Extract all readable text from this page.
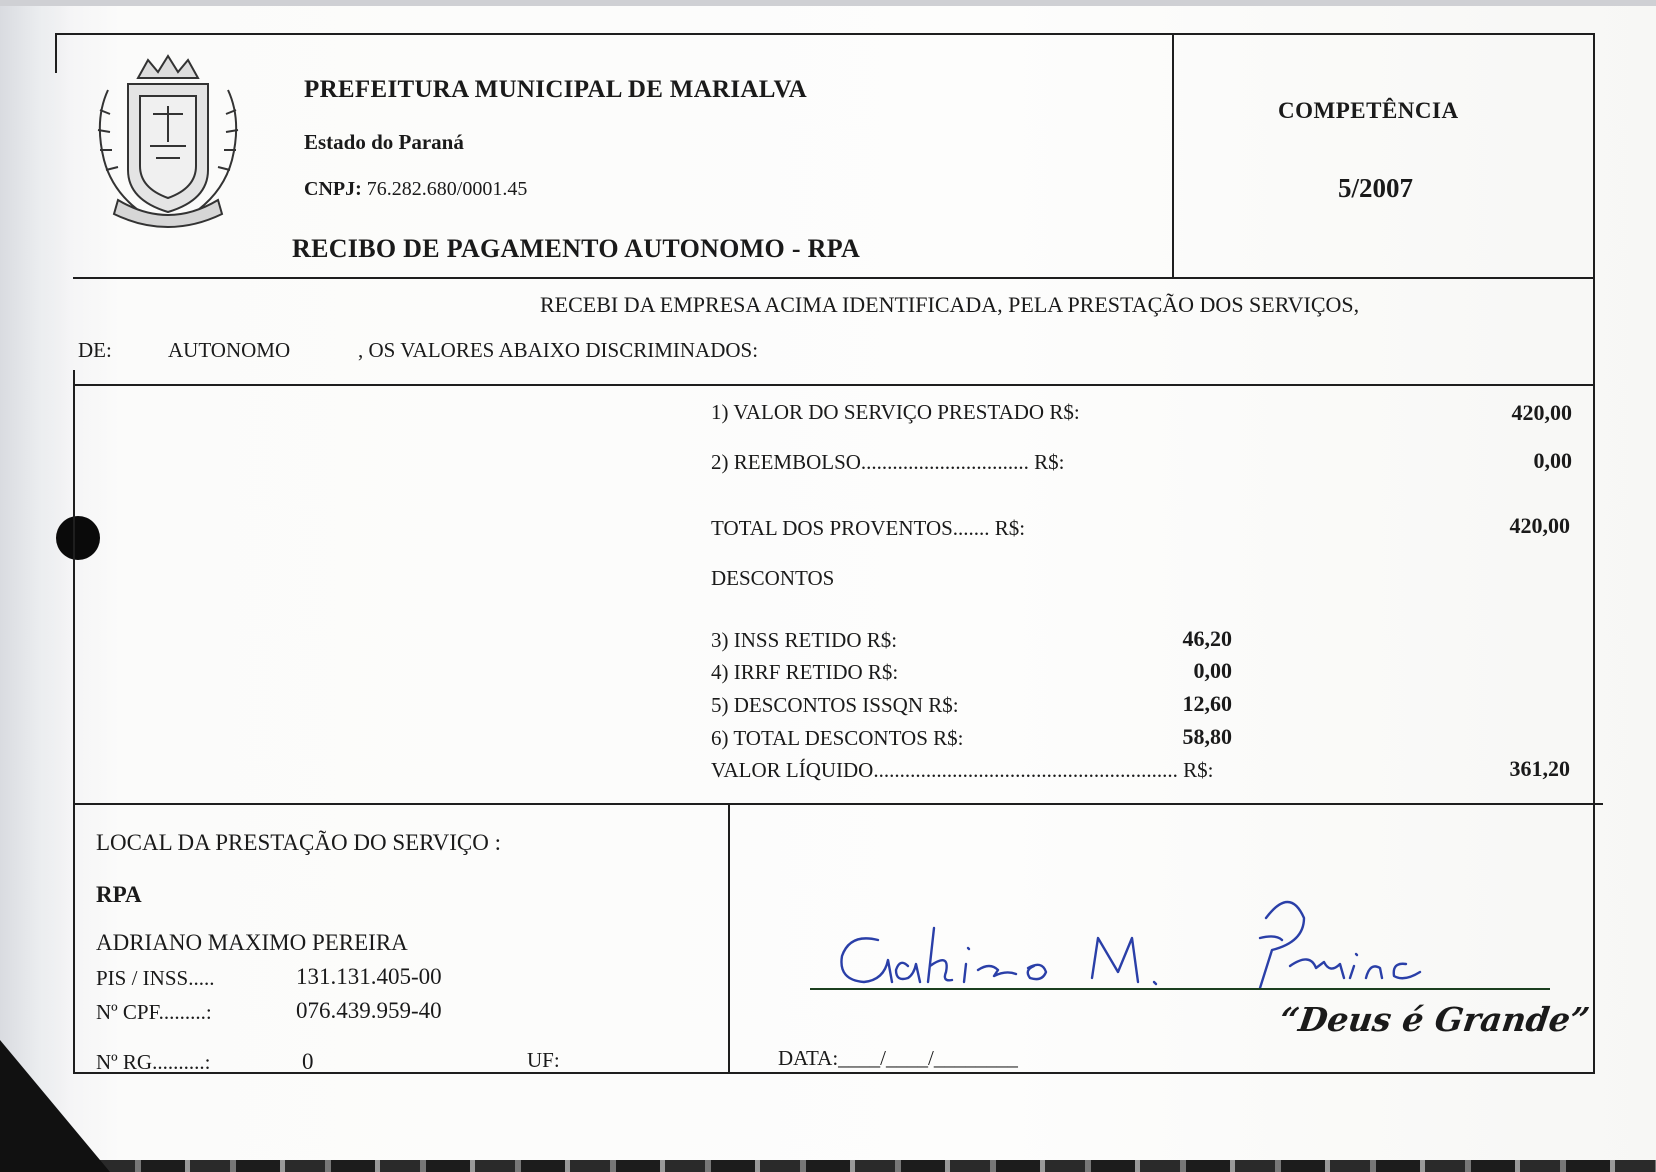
PREFEITURA MUNICIPAL DE MARIALVA
Estado do Paraná
CNPJ: 76.282.680/0001.45
RECIBO DE PAGAMENTO AUTONOMO - RPA
COMPETÊNCIA
5/2007
RECEBI DA EMPRESA ACIMA IDENTIFICADA, PELA PRESTAÇÃO DOS SERVIÇOS,
DE:	AUTONOMO	, OS VALORES ABAIXO DISCRIMINADOS:
1) VALOR DO SERVIÇO PRESTADO R$:	420,00
2) REEMBOLSO................................ R$:	0,00
TOTAL DOS PROVENTOS....... R$:	420,00
DESCONTOS
3) INSS RETIDO R$:	46,20
4) IRRF RETIDO R$:	0,00
5) DESCONTOS ISSQN R$:	12,60
6) TOTAL DESCONTOS R$:	58,80
VALOR LÍQUIDO.......................................................... R$:	361,20
LOCAL DA PRESTAÇÃO DO SERVIÇO :
RPA
ADRIANO MAXIMO PEREIRA
PIS / INSS.....	131.131.405-00
Nº CPF.........:	076.439.959-40
Nº RG..........:	0	UF:
“Deus é Grande”
DATA:____/____/________
